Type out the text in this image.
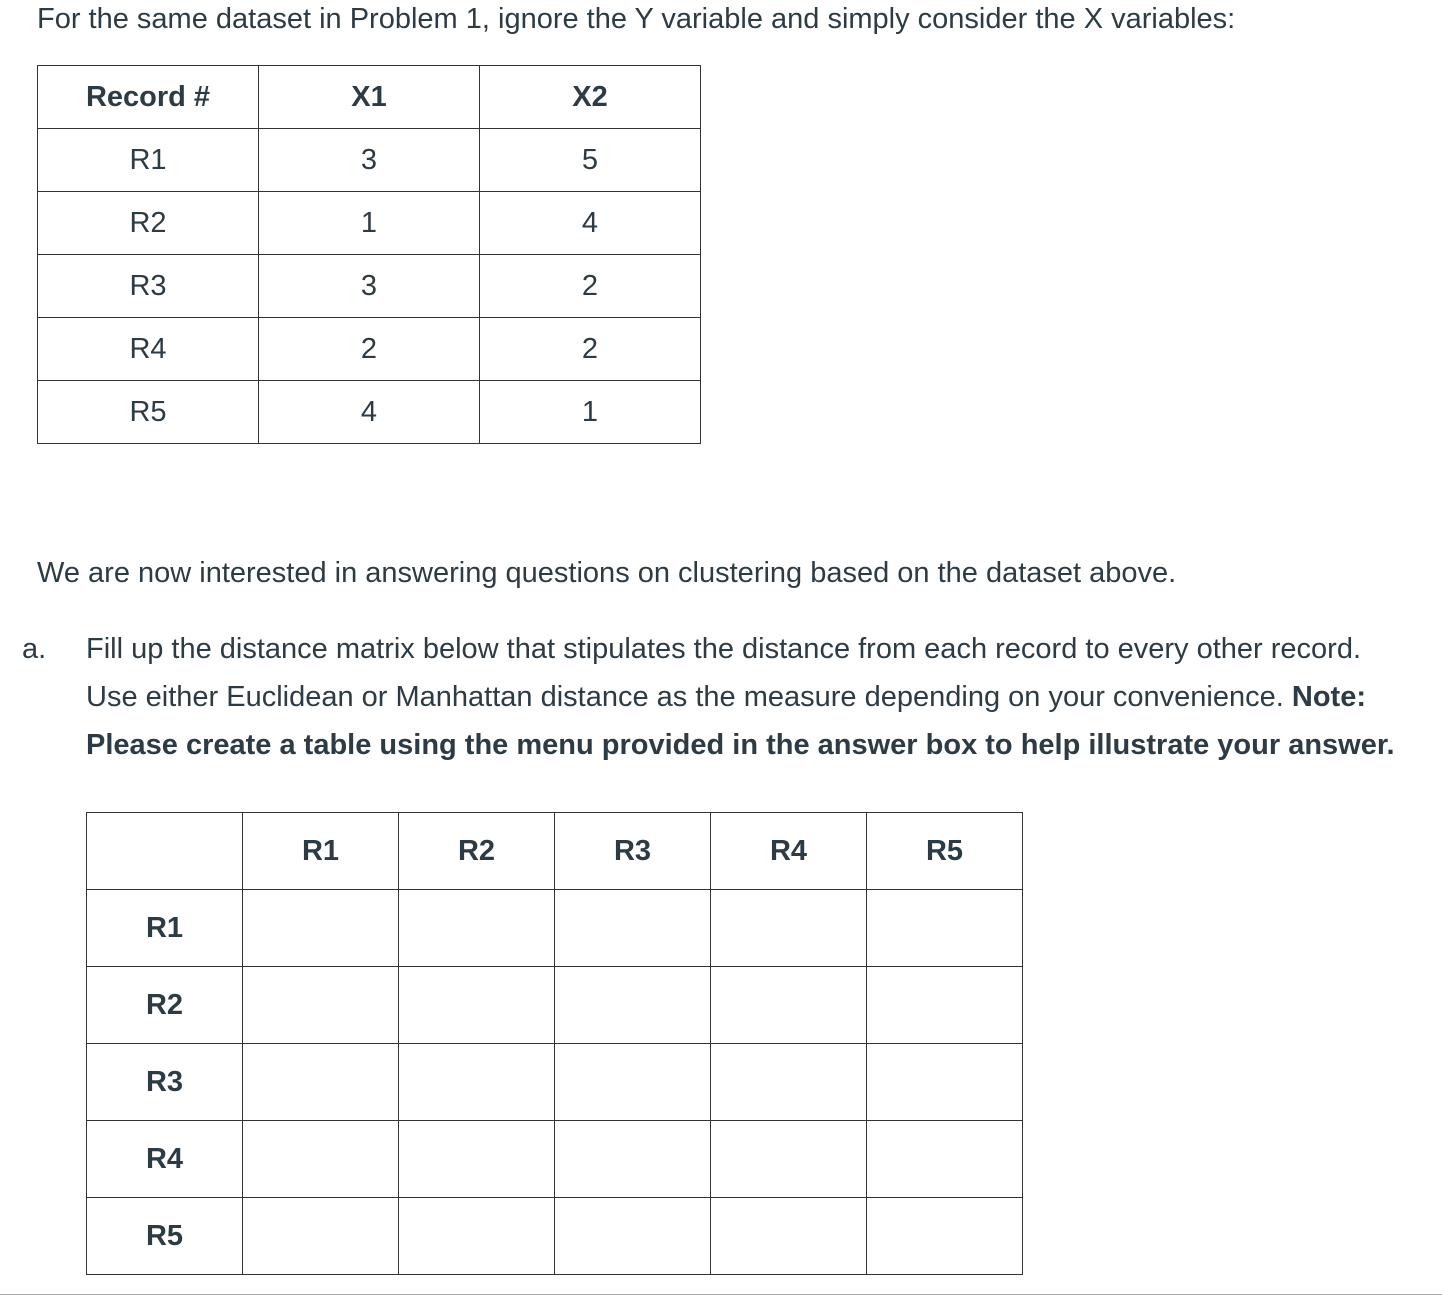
For the same dataset in Problem 1, ignore the Y variable and simply consider the X variables:

Record #	X1	X2
R1	3	5
R2	1	4
R3	3	2
R4	2	2
R5	4	1

We are now interested in answering questions on clustering based on the dataset above.

a. Fill up the distance matrix below that stipulates the distance from each record to every other record. Use either Euclidean or Manhattan distance as the measure depending on your convenience. Note: Please create a table using the menu provided in the answer box to help illustrate your answer.
	R1	R2	R3	R4	R5
R1					
R2					
R3					
R4					
R5					
